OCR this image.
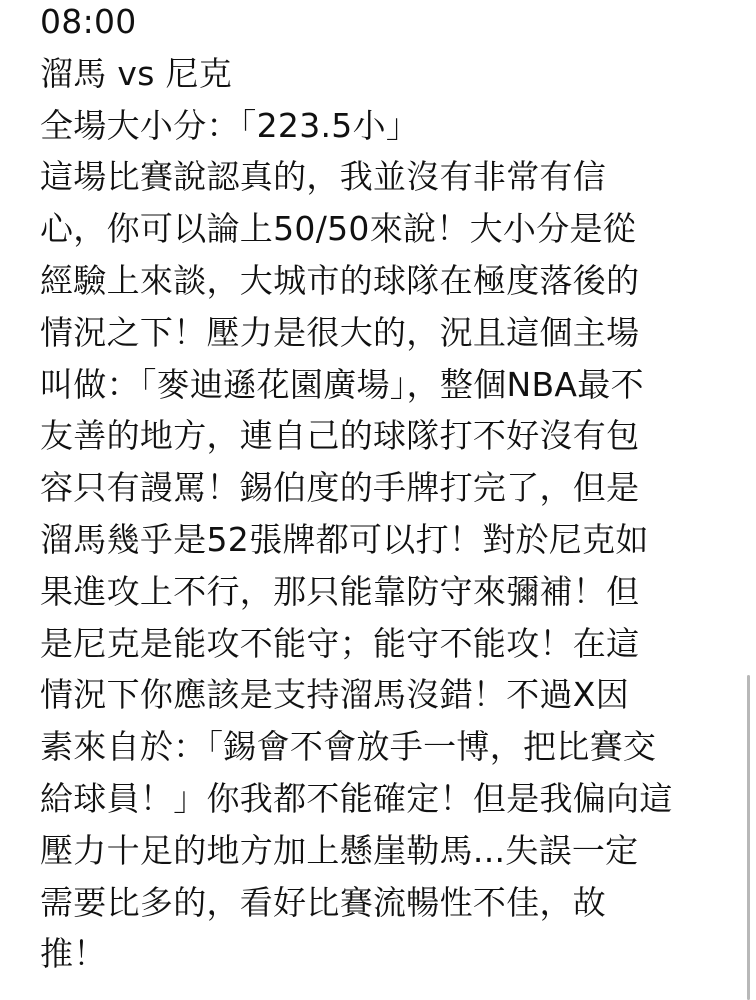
08:00
溜馬 vs 尼克
全場大小分：「223.5小」
這場比賽說認真的，我並沒有非常有信
心，你可以論上50/50來說！大小分是從
經驗上來談，大城市的球隊在極度落後的
情況之下！壓力是很大的，況且這個主場
叫做：「麥迪遜花園廣場」，整個NBA最不
友善的地方，連自己的球隊打不好沒有包
容只有謾罵！錫伯度的手牌打完了，但是
溜馬幾乎是52張牌都可以打！對於尼克如
果進攻上不行，那只能靠防守來彌補！但
是尼克是能攻不能守；能守不能攻！在這
情況下你應該是支持溜馬沒錯！不過X因
素來自於：「錫會不會放手一博，把比賽交
給球員！」你我都不能確定！但是我偏向這
壓力十足的地方加上懸崖勒馬...失誤一定
需要比多的，看好比賽流暢性不佳，故
推！
